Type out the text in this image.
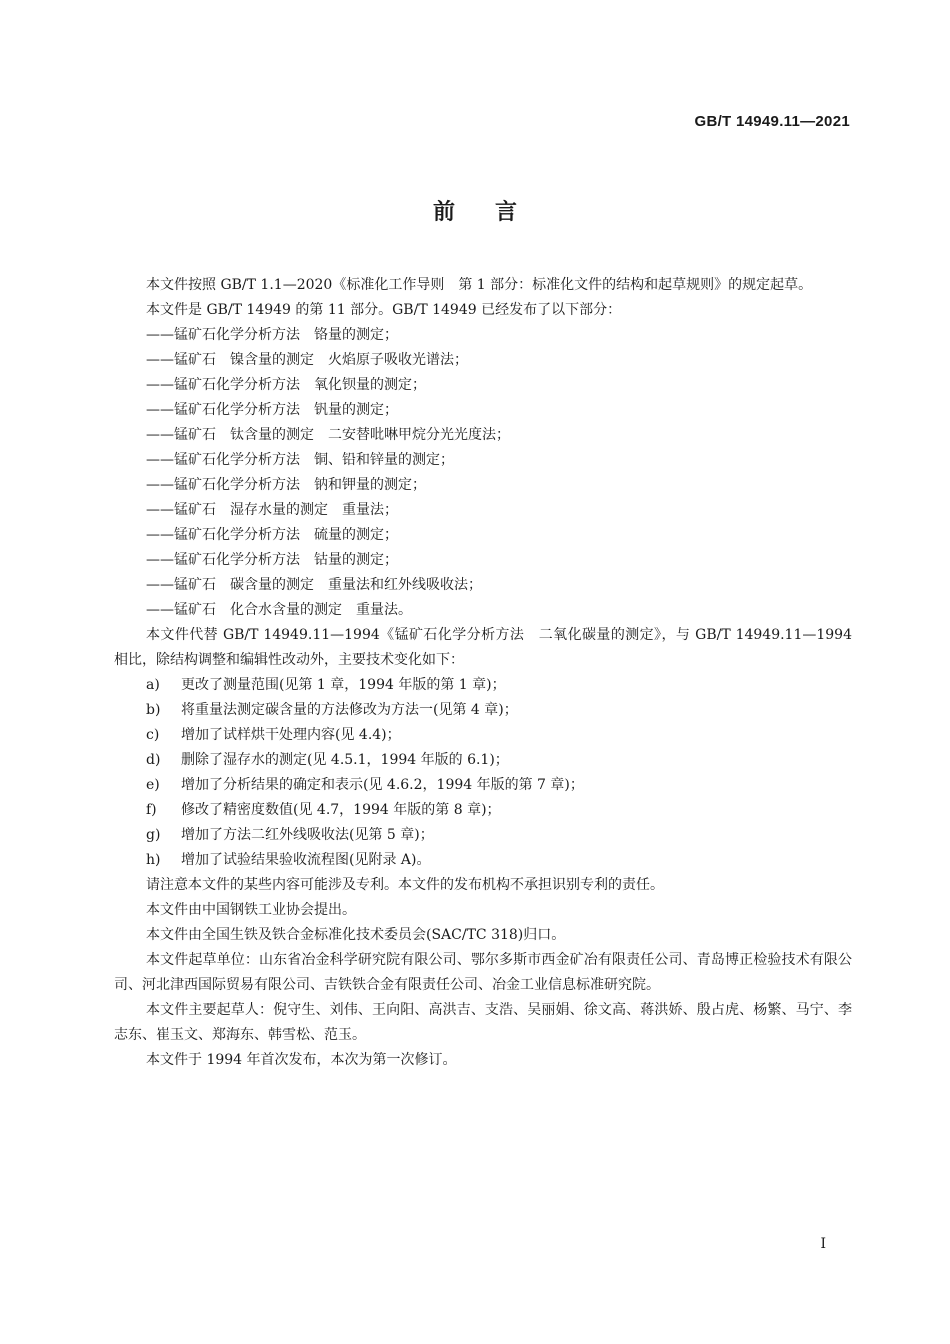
GB/T 14949.11—2021
前言
本文件按照 GB/T 1.1—2020《标准化工作导则　第 1 部分：标准化文件的结构和起草规则》的规定起草。
本文件是 GB/T 14949 的第 11 部分。GB/T 14949 已经发布了以下部分：
——锰矿石化学分析方法　铬量的测定；
——锰矿石　镍含量的测定　火焰原子吸收光谱法；
——锰矿石化学分析方法　氧化钡量的测定；
——锰矿石化学分析方法　钒量的测定；
——锰矿石　钛含量的测定　二安替吡啉甲烷分光光度法；
——锰矿石化学分析方法　铜、铅和锌量的测定；
——锰矿石化学分析方法　钠和钾量的测定；
——锰矿石　湿存水量的测定　重量法；
——锰矿石化学分析方法　硫量的测定；
——锰矿石化学分析方法　钴量的测定；
——锰矿石　碳含量的测定　重量法和红外线吸收法；
——锰矿石　化合水含量的测定　重量法。
本文件代替 GB/T 14949.11—1994《锰矿石化学分析方法　二氧化碳量的测定》，与 GB/T 14949.11—1994 相比，除结构调整和编辑性改动外，主要技术变化如下：
a) 更改了测量范围(见第 1 章，1994 年版的第 1 章)；
b) 将重量法测定碳含量的方法修改为方法一(见第 4 章)；
c) 增加了试样烘干处理内容(见 4.4)；
d) 删除了湿存水的测定(见 4.5.1，1994 年版的 6.1)；
e) 增加了分析结果的确定和表示(见 4.6.2，1994 年版的第 7 章)；
f) 修改了精密度数值(见 4.7，1994 年版的第 8 章)；
g) 增加了方法二红外线吸收法(见第 5 章)；
h) 增加了试验结果验收流程图(见附录 A)。
请注意本文件的某些内容可能涉及专利。本文件的发布机构不承担识别专利的责任。
本文件由中国钢铁工业协会提出。
本文件由全国生铁及铁合金标准化技术委员会(SAC/TC 318)归口。
本文件起草单位：山东省冶金科学研究院有限公司、鄂尔多斯市西金矿冶有限责任公司、青岛博正检验技术有限公司、河北津西国际贸易有限公司、吉铁铁合金有限责任公司、冶金工业信息标准研究院。
本文件主要起草人：倪守生、刘伟、王向阳、高洪吉、支浩、吴丽娟、徐文高、蒋洪娇、殷占虎、杨繁、马宁、李志东、崔玉文、郑海东、韩雪松、范玉。
本文件于 1994 年首次发布，本次为第一次修订。
I
